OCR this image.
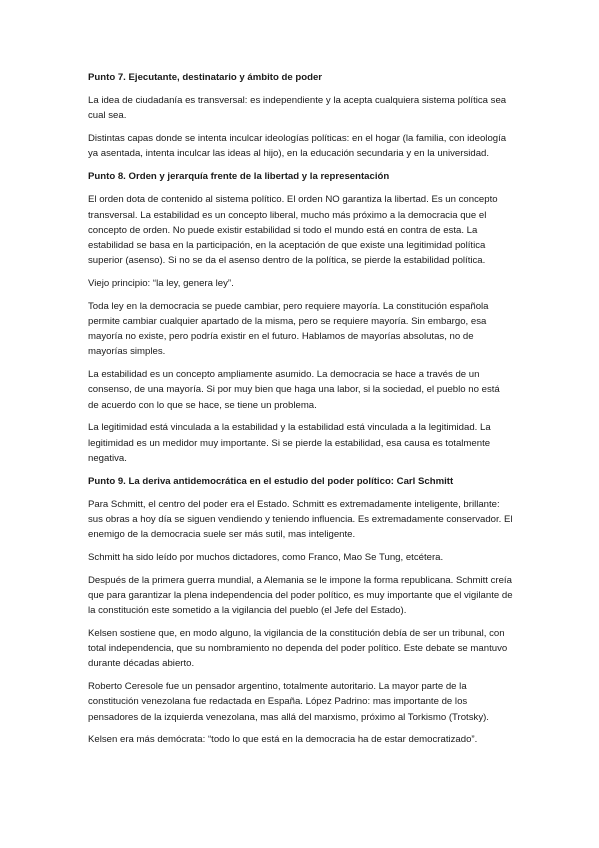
Punto 7. Ejecutante, destinatario y ámbito de poder
La idea de ciudadanía es transversal: es independiente y la acepta cualquiera sistema política sea cual sea.
Distintas capas donde se intenta inculcar ideologías políticas: en el hogar (la familia, con ideología ya asentada, intenta inculcar las ideas al hijo), en la educación secundaria y en la universidad.
Punto 8. Orden y jerarquía frente de la libertad y la representación
El orden dota de contenido al sistema político. El orden NO garantiza la libertad. Es un concepto transversal. La estabilidad es un concepto liberal, mucho más próximo a la democracia que el concepto de orden. No puede existir estabilidad si todo el mundo está en contra de esta. La estabilidad se basa en la participación, en la aceptación de que existe una legitimidad política superior (asenso). Si no se da el asenso dentro de la política, se pierde la estabilidad política.
Viejo principio: “la ley, genera ley”.
Toda ley en la democracia se puede cambiar, pero requiere mayoría. La constitución española permite cambiar cualquier apartado de la misma, pero se requiere mayoría. Sin embargo, esa mayoría no existe, pero podría existir en el futuro. Hablamos de mayorías absolutas, no de mayorías simples.
La estabilidad es un concepto ampliamente asumido. La democracia se hace a través de un consenso, de una mayoría. Si por muy bien que haga una labor, si la sociedad, el pueblo no está de acuerdo con lo que se hace, se tiene un problema.
La legitimidad está vinculada a la estabilidad y la estabilidad está vinculada a la legitimidad. La legitimidad es un medidor muy importante. Si se pierde la estabilidad, esa causa es totalmente negativa.
Punto 9. La deriva antidemocrática en el estudio del poder político: Carl Schmitt
Para Schmitt, el centro del poder era el Estado. Schmitt es extremadamente inteligente, brillante: sus obras a hoy día se siguen vendiendo y teniendo influencia. Es extremadamente conservador. El enemigo de la democracia suele ser más sutil, mas inteligente.
Schmitt ha sido leído por muchos dictadores, como Franco, Mao Se Tung, etcétera.
Después de la primera guerra mundial, a Alemania se le impone la forma republicana. Schmitt creía que para garantizar la plena independencia del poder político, es muy importante que el vigilante de la constitución este sometido a la vigilancia del pueblo (el Jefe del Estado).
Kelsen sostiene que, en modo alguno, la vigilancia de la constitución debía de ser un tribunal, con total independencia, que su nombramiento no dependa del poder político. Este debate se mantuvo durante décadas abierto.
Roberto Ceresole fue un pensador argentino, totalmente autoritario. La mayor parte de la constitución venezolana fue redactada en España. López Padrino: mas importante de los pensadores de la izquierda venezolana, mas allá del marxismo, próximo al Torkismo (Trotsky).
Kelsen era más demócrata: “todo lo que está en la democracia ha de estar democratizado”.
